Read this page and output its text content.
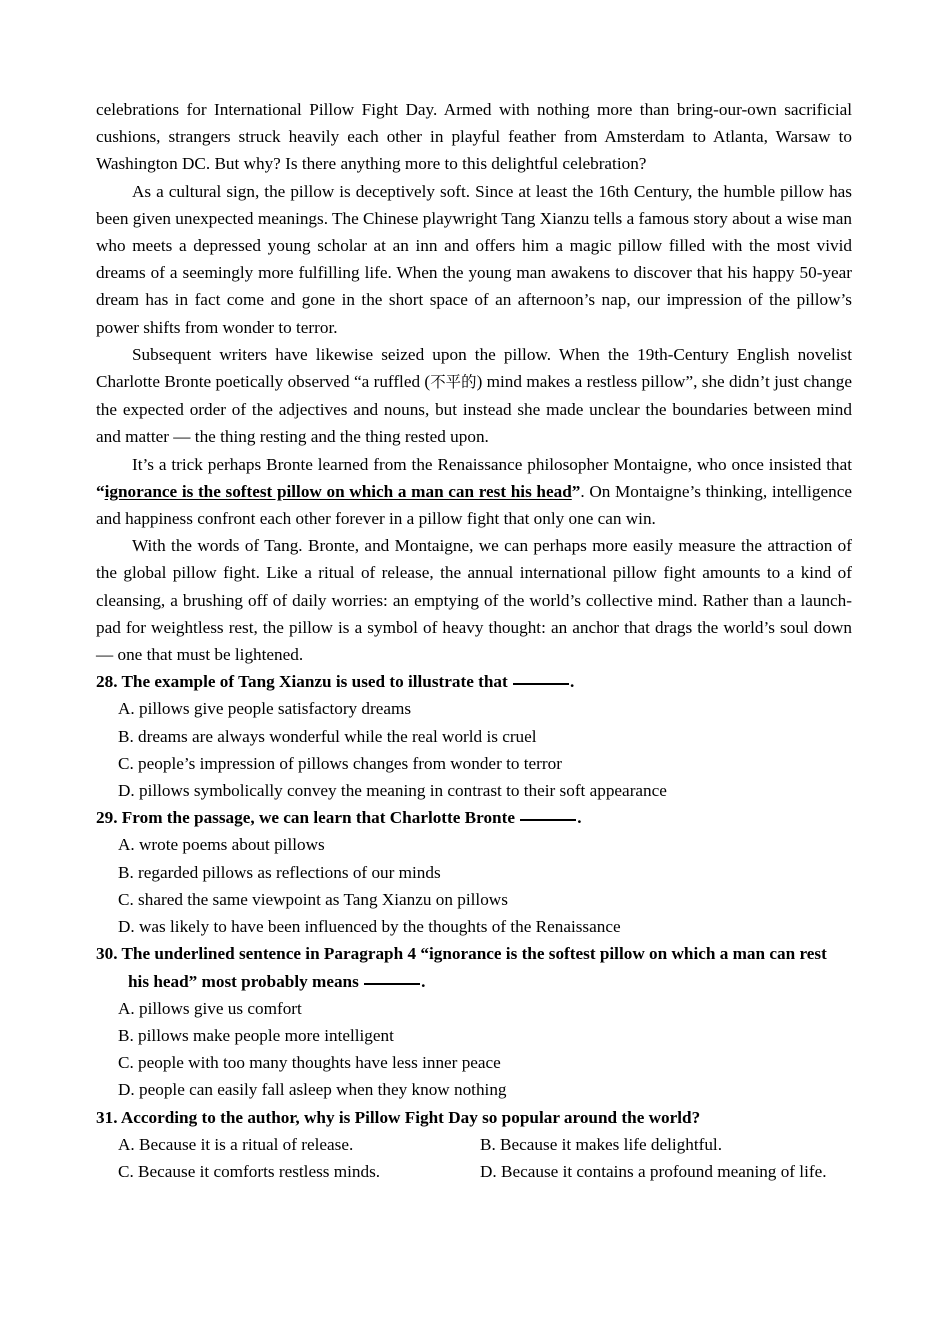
celebrations for International Pillow Fight Day. Armed with nothing more than bring-our-own sacrificial cushions, strangers struck heavily each other in playful feather from Amsterdam to Atlanta, Warsaw to Washington DC. But why? Is there anything more to this delightful celebration?

As a cultural sign, the pillow is deceptively soft. Since at least the 16th Century, the humble pillow has been given unexpected meanings. The Chinese playwright Tang Xianzu tells a famous story about a wise man who meets a depressed young scholar at an inn and offers him a magic pillow filled with the most vivid dreams of a seemingly more fulfilling life. When the young man awakens to discover that his happy 50-year dream has in fact come and gone in the short space of an afternoon’s nap, our impression of the pillow’s power shifts from wonder to terror.

Subsequent writers have likewise seized upon the pillow. When the 19th-Century English novelist Charlotte Bronte poetically observed “a ruffled (不平的) mind makes a restless pillow”, she didn’t just change the expected order of the adjectives and nouns, but instead she made unclear the boundaries between mind and matter — the thing resting and the thing rested upon.

It’s a trick perhaps Bronte learned from the Renaissance philosopher Montaigne, who once insisted that “ignorance is the softest pillow on which a man can rest his head”. On Montaigne’s thinking, intelligence and happiness confront each other forever in a pillow fight that only one can win.

With the words of Tang. Bronte, and Montaigne, we can perhaps more easily measure the attraction of the global pillow fight. Like a ritual of release, the annual international pillow fight amounts to a kind of cleansing, a brushing off of daily worries: an emptying of the world’s collective mind. Rather than a launch-pad for weightless rest, the pillow is a symbol of heavy thought: an anchor that drags the world’s soul down — one that must be lightened.

28. The example of Tang Xianzu is used to illustrate that	.

A. pillows give people satisfactory dreams

B. dreams are always wonderful while the real world is cruel

C. people’s impression of pillows changes from wonder to terror

D. pillows symbolically convey the meaning in contrast to their soft appearance

29. From the passage, we can learn that Charlotte Bronte	.

A. wrote poems about pillows

B. regarded pillows as reflections of our minds

C. shared the same viewpoint as Tang Xianzu on pillows

D. was likely to have been influenced by the thoughts of the Renaissance

30. The underlined sentence in Paragraph 4 “ignorance is the softest pillow on which a man can rest his head” most probably means	.

A. pillows give us comfort

B. pillows make people more intelligent

C. people with too many thoughts have less inner peace

D. people can easily fall asleep when they know nothing

31. According to the author, why is Pillow Fight Day so popular around the world?

A. Because it is a ritual of release.	B. Because it makes life delightful.
C. Because it comforts restless minds.	D. Because it contains a profound meaning of life.
